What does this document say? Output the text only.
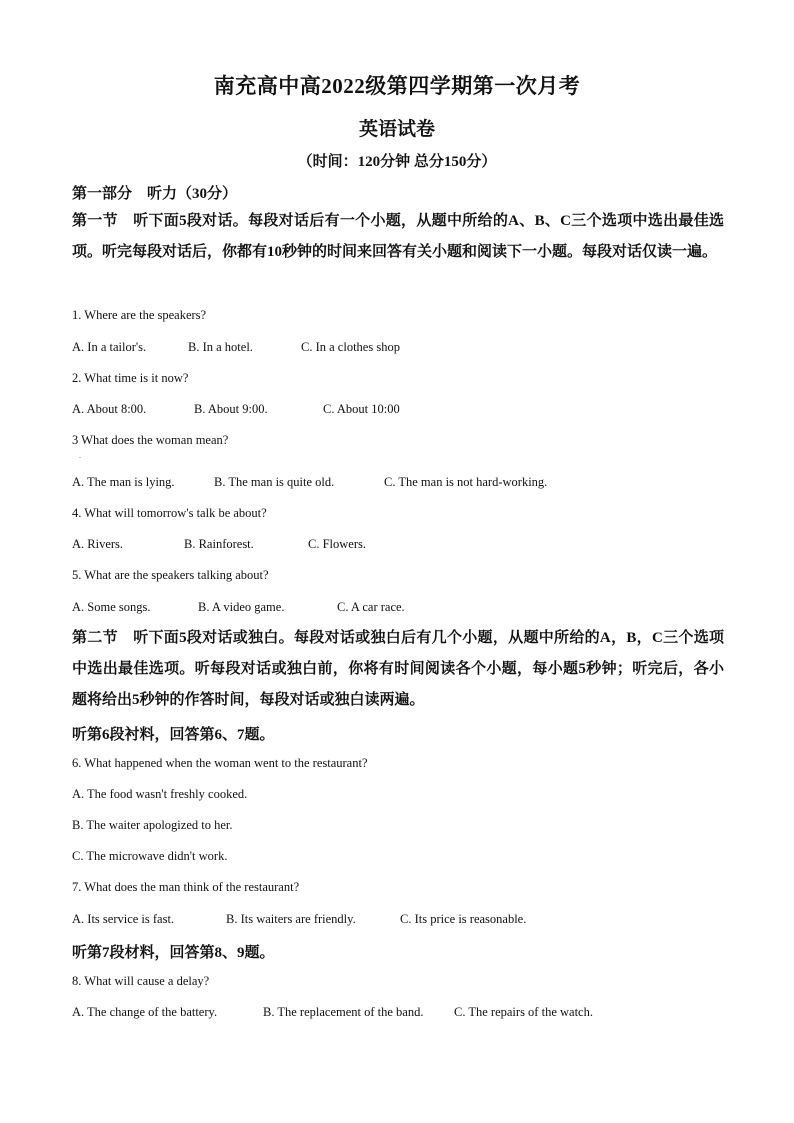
南充高中高2022级第四学期第一次月考
英语试卷
（时间：120分钟 总分150分）
第一部分　听力（30分）
第一节　听下面5段对话。每段对话后有一个小题，从题中所给的A、B、C三个选项中选出最佳选项。听完每段对话后，你都有10秒钟的时间来回答有关小题和阅读下一小题。每段对话仅读一遍。
1. Where are the speakers?
A. In a tailor's.	B. In a hotel.	C. In a clothes shop
2. What time is it now?
A. About 8:00.	B. About 9:00.	C. About 10:00
3 What does the woman mean?
.
A. The man is lying.	B. The man is quite old.	C. The man is not hard-working.
4. What will tomorrow's talk be about?
A. Rivers.	B. Rainforest.	C. Flowers.
5. What are the speakers talking about?
A. Some songs.	B. A video game.	C. A car race.
第二节　听下面5段对话或独白。每段对话或独白后有几个小题，从题中所给的A，B，C三个选项中选出最佳选项。听每段对话或独白前，你将有时间阅读各个小题，每小题5秒钟；听完后，各小题将给出5秒钟的作答时间，每段对话或独白读两遍。
听第6段衬料，回答第6、7题。
6. What happened when the woman went to the restaurant?
A. The food wasn't freshly cooked.
B. The waiter apologized to her.
C. The microwave didn't work.
7. What does the man think of the restaurant?
A. Its service is fast.	B. Its waiters are friendly.	C. Its price is reasonable.
听第7段材料，回答第8、9题。
8. What will cause a delay?
A. The change of the battery.	B. The replacement of the band. C. The repairs of the watch.
